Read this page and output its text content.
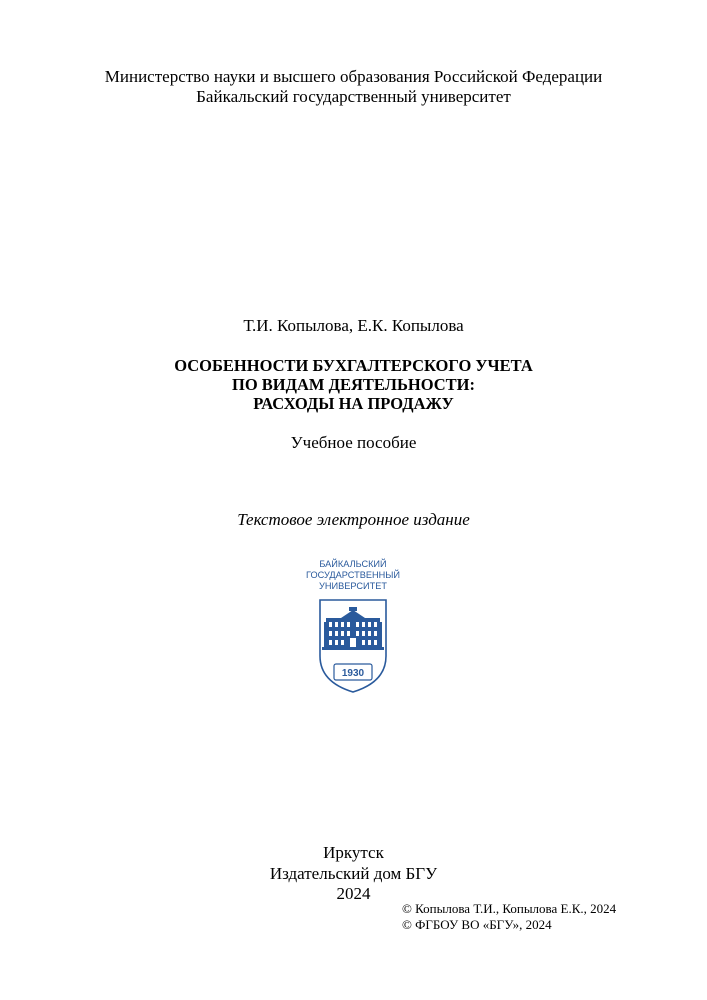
Министерство науки и высшего образования Российской Федерации
Байкальский государственный университет
Т.И. Копылова, Е.К. Копылова
ОСОБЕННОСТИ БУХГАЛТЕРСКОГО УЧЕТА
ПО ВИДАМ ДЕЯТЕЛЬНОСТИ:
РАСХОДЫ НА ПРОДАЖУ
Учебное пособие
Текстовое электронное издание
БАЙКАЛЬСКИЙ
ГОСУДАРСТВЕННЫЙ
УНИВЕРСИТЕТ
1930
Иркутск
Издательский дом БГУ
2024
© Копылова Т.И., Копылова Е.К., 2024
© ФГБОУ ВО «БГУ», 2024
